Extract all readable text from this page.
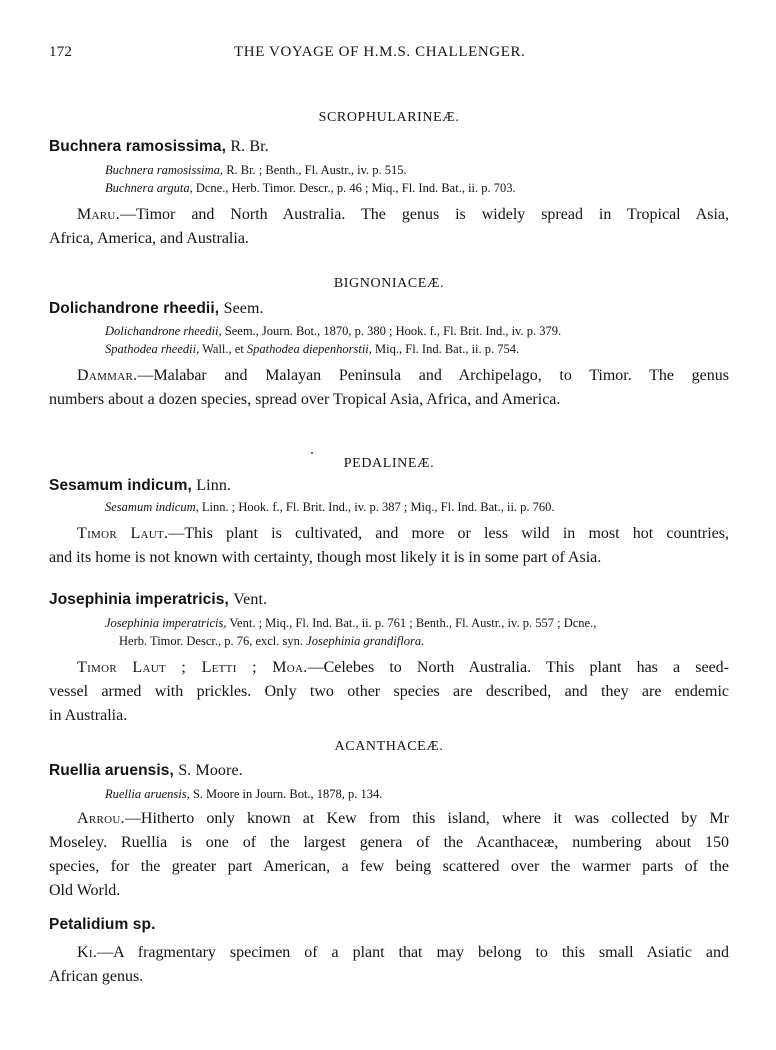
172	THE VOYAGE OF H.M.S. CHALLENGER.
SCROPHULARINEÆ.
Buchnera ramosissima, R. Br.
Buchnera ramosissima, R. Br. ; Benth., Fl. Austr., iv. p. 515.
Buchnera arguta, Dcne., Herb. Timor. Descr., p. 46 ; Miq., Fl. Ind. Bat., ii. p. 703.
Maru.—Timor and North Australia. The genus is widely spread in Tropical Asia,
Africa, America, and Australia.
BIGNONIACEÆ.
Dolichandrone rheedii, Seem.
Dolichandrone rheedii, Seem., Journ. Bot., 1870, p. 380 ; Hook. f., Fl. Brit. Ind., iv. p. 379.
Spathodea rheedii, Wall., et Spathodea diepenhorstii, Miq., Fl. Ind. Bat., ii. p. 754.
Dammar.—Malabar and Malayan Peninsula and Archipelago, to Timor. The genus
numbers about a dozen species, spread over Tropical Asia, Africa, and America.
PEDALINEÆ.
Sesamum indicum, Linn.
Sesamum indicum, Linn. ; Hook. f., Fl. Brit. Ind., iv. p. 387 ; Miq., Fl. Ind. Bat., ii. p. 760.
Timor Laut.—This plant is cultivated, and more or less wild in most hot countries,
and its home is not known with certainty, though most likely it is in some part of Asia.
Josephinia imperatricis, Vent.
Josephinia imperatricis, Vent. ; Miq., Fl. Ind. Bat., ii. p. 761 ; Benth., Fl. Austr., iv. p. 557 ; Dcne.,
Herb. Timor. Descr., p. 76, excl. syn. Josephinia grandiflora.
Timor Laut ; Letti ; Moa.—Celebes to North Australia. This plant has a seed-
vessel armed with prickles. Only two other species are described, and they are endemic
in Australia.
ACANTHACEÆ.
Ruellia aruensis, S. Moore.
Ruellia aruensis, S. Moore in Journ. Bot., 1878, p. 134.
Arrou.—Hitherto only known at Kew from this island, where it was collected by Mr
Moseley. Ruellia is one of the largest genera of the Acanthaceæ, numbering about 150
species, for the greater part American, a few being scattered over the warmer parts of the
Old World.
Petalidium sp.
Ki.—A fragmentary specimen of a plant that may belong to this small Asiatic and
African genus.
